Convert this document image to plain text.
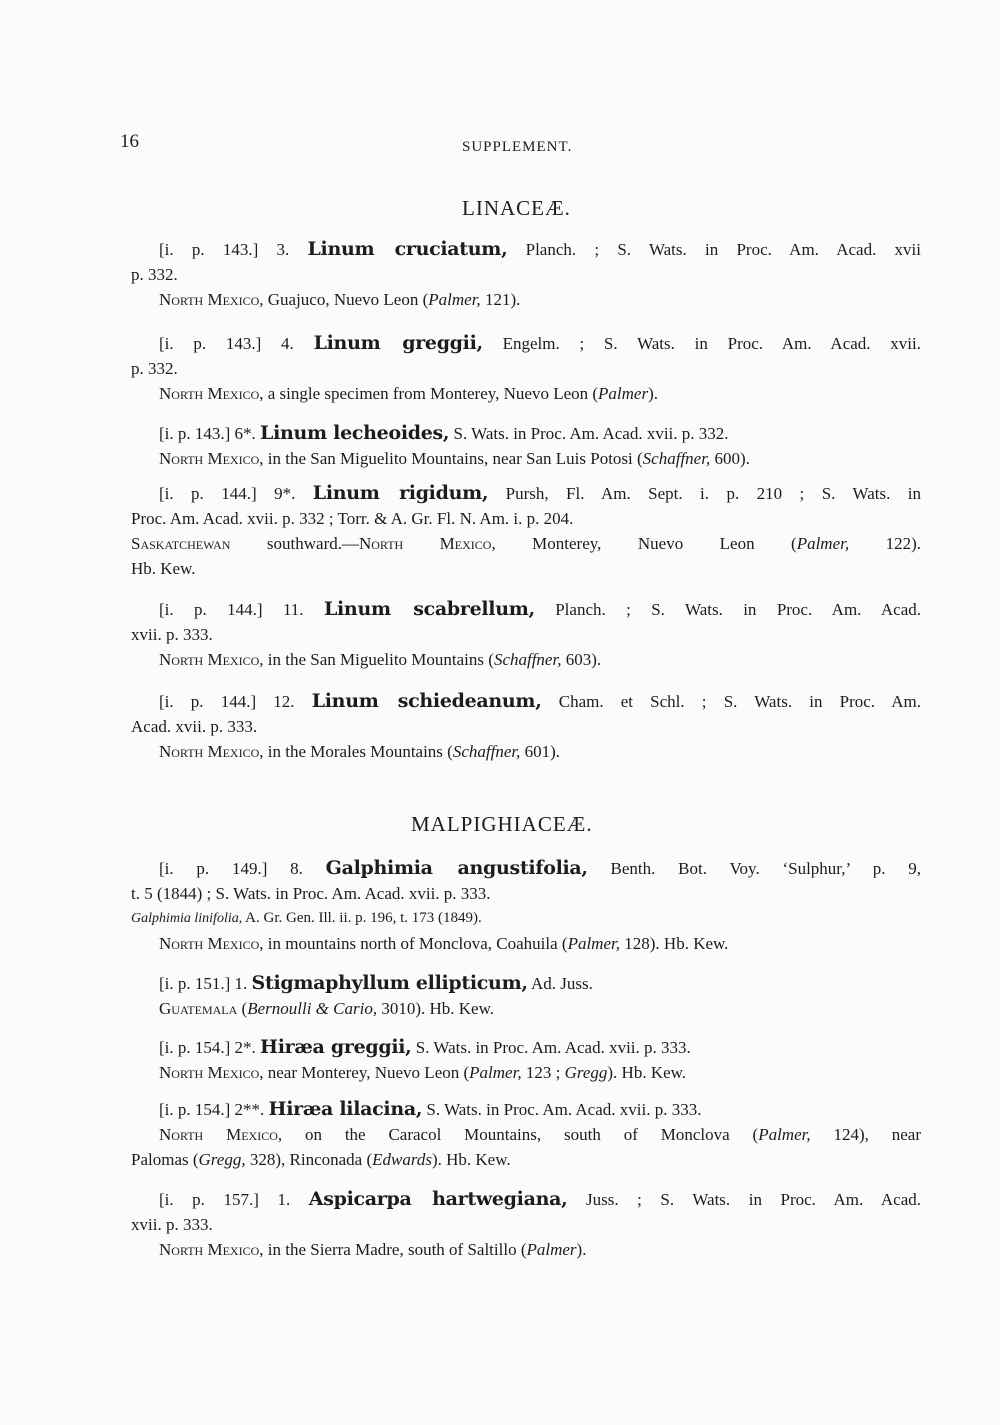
16	SUPPLEMENT.
LINACEÆ.
[i. p. 143.] 3. Linum cruciatum, Planch. ; S. Wats. in Proc. Am. Acad. xvii
p. 332.
North Mexico, Guajuco, Nuevo Leon (Palmer, 121).
[i. p. 143.] 4. Linum greggii, Engelm. ; S. Wats. in Proc. Am. Acad. xvii.
p. 332.
North Mexico, a single specimen from Monterey, Nuevo Leon (Palmer).
[i. p. 143.] 6*. Linum lecheoides, S. Wats. in Proc. Am. Acad. xvii. p. 332.
North Mexico, in the San Miguelito Mountains, near San Luis Potosi (Schaffner, 600).
[i. p. 144.] 9*. Linum rigidum, Pursh, Fl. Am. Sept. i. p. 210 ; S. Wats. in
Proc. Am. Acad. xvii. p. 332 ; Torr. & A. Gr. Fl. N. Am. i. p. 204.
Saskatchewan southward.—North Mexico, Monterey, Nuevo Leon (Palmer, 122).
Hb. Kew.
[i. p. 144.] 11. Linum scabrellum, Planch. ; S. Wats. in Proc. Am. Acad.
xvii. p. 333.
North Mexico, in the San Miguelito Mountains (Schaffner, 603).
[i. p. 144.] 12. Linum schiedeanum, Cham. et Schl. ; S. Wats. in Proc. Am.
Acad. xvii. p. 333.
North Mexico, in the Morales Mountains (Schaffner, 601).
MALPIGHIACEÆ.
[i. p. 149.] 8. Galphimia angustifolia, Benth. Bot. Voy. ‘Sulphur,’ p. 9,
t. 5 (1844) ; S. Wats. in Proc. Am. Acad. xvii. p. 333.
Galphimia linifolia, A. Gr. Gen. Ill. ii. p. 196, t. 173 (1849).
North Mexico, in mountains north of Monclova, Coahuila (Palmer, 128). Hb. Kew.
[i. p. 151.] 1. Stigmaphyllum ellipticum, Ad. Juss.
Guatemala (Bernoulli & Cario, 3010). Hb. Kew.
[i. p. 154.] 2*. Hiræa greggii, S. Wats. in Proc. Am. Acad. xvii. p. 333.
North Mexico, near Monterey, Nuevo Leon (Palmer, 123 ; Gregg). Hb. Kew.
[i. p. 154.] 2**. Hiræa lilacina, S. Wats. in Proc. Am. Acad. xvii. p. 333.
North Mexico, on the Caracol Mountains, south of Monclova (Palmer, 124), near
Palomas (Gregg, 328), Rinconada (Edwards). Hb. Kew.
[i. p. 157.] 1. Aspicarpa hartwegiana, Juss. ; S. Wats. in Proc. Am. Acad.
xvii. p. 333.
North Mexico, in the Sierra Madre, south of Saltillo (Palmer).
